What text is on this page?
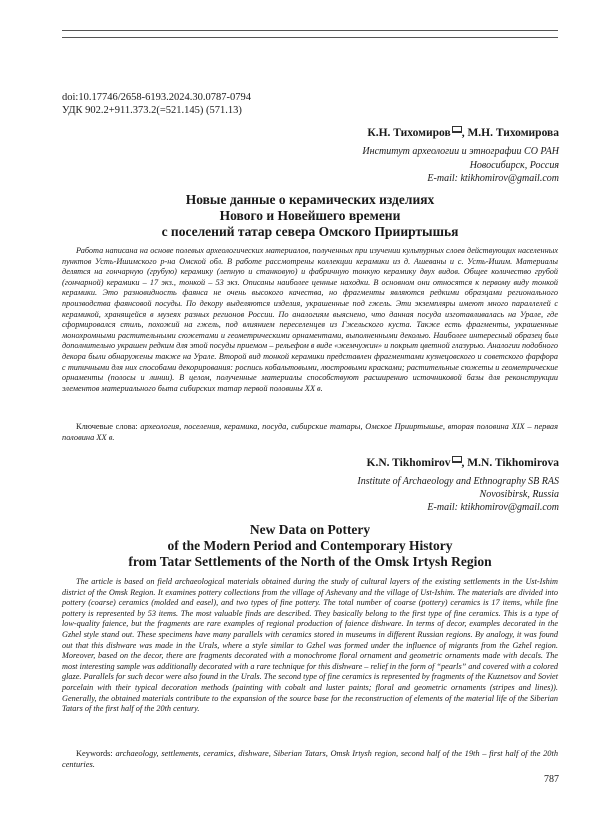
doi:10.17746/2658-6193.2024.30.0787-0794
УДК 902.2+911.373.2(=521.145) (571.13)
К.Н. Тихомиров , М.Н. Тихомирова
Институт археологии и этнографии СО РАН
Новосибирск, Россия
E-mail: ktikhomirov@gmail.com
Новые данные о керамических изделиях
Нового и Новейшего времени
с поселений татар севера Омского Прииртышья

Работа написана на основе полевых археологических материалов, полученных при изучении культурных слоев действующих населенных пунктов Усть-Ишимского р-на Омской обл. В работе рассмотрены коллекции керамики из д. Ашеваны и с. Усть-Ишим. Материалы делятся на гончарную (грубую) керамику (лепную и станковую) и фабричную тонкую керамику двух видов. Общее количество грубой (гончарной) керамики – 17 экз., тонкой – 53 экз. Описаны наиболее ценные находки. В основном они относятся к первому виду тонкой керамики. Это разновидность фаянса не очень высокого качества, но фрагменты являются редкими образцами регионального производства фаянсовой посуды. По декору выделяются изделия, украшенные под гжель. Эти экземпляры имеют много параллелей с керамикой, хранящейся в музеях разных регионов России. По аналогиям выяснено, что данная посуда изготавливалась на Урале, где сформировался стиль, похожий на гжель, под влиянием переселенцев из Гжельского куста. Также есть фрагменты, украшенные монохромными растительными сюжетами и геометрическими орнаментами, выполненными деколью. Наиболее интересный образец был дополнительно украшен редким для этой посуды приемом – рельефом в виде «жемчужин» и покрыт цветной глазурью. Аналогии подобного декора были обнаружены также на Урале. Второй вид тонкой керамики представлен фрагментами кузнецовского и советского фарфора с типичными для них способами декорирования: роспись кобальтовыми, люстровыми красками; растительные сюжеты и геометрические орнаменты (полосы и линии). В целом, полученные материалы способствуют расширению источниковой базы для реконструкции элементов материального быта сибирских татар первой половины XX в.

Ключевые слова: археология, поселения, керамика, посуда, сибирские татары, Омское Прииртышье, вторая половина XIX – первая половина XX в.
K.N. Tikhomirov , M.N. Tikhomirova
Institute of Archaeology and Ethnography SB RAS
Novosibirsk, Russia
E-mail: ktikhomirov@gmail.com
New Data on Pottery
of the Modern Period and Contemporary History
from Tatar Settlements of the North of the Omsk Irtysh Region

The article is based on field archaeological materials obtained during the study of cultural layers of the existing settlements in the Ust-Ishim district of the Omsk Region. It examines pottery collections from the village of Ashevany and the village of Ust-Ishim. The materials are divided into pottery (coarse) ceramics (molded and easel), and two types of fine pottery. The total number of coarse (pottery) ceramics is 17 items, while fine pottery is represented by 53 items. The most valuable finds are described. They basically belong to the first type of fine ceramics. This is a type of low-quality faience, but the fragments are rare examples of regional production of faience dishware. In terms of decor, examples decorated in the Gzhel style stand out. These specimens have many parallels with ceramics stored in museums in different Russian regions. By analogy, it was found out that this dishware was made in the Urals, where a style similar to Gzhel was formed under the influence of migrants from the Gzhel region. Moreover, based on the decor, there are fragments decorated with a monochrome floral ornament and geometric ornaments made with decals. The most interesting sample was additionally decorated with a rare technique for this dishware – relief in the form of “pearls” and covered with a colored glaze. Parallels for such decor were also found in the Urals. The second type of fine ceramics is represented by fragments of the Kuznetsov and Soviet porcelain with their typical decoration methods (painting with cobalt and luster paints; floral and geometric ornaments (stripes and lines)). Generally, the obtained materials contribute to the expansion of the source base for the reconstruction of elements of the material life of the Siberian Tatars of the first half of the 20th century.

Keywords: archaeology, settlements, ceramics, dishware, Siberian Tatars, Omsk Irtysh region, second half of the 19th – first half of the 20th centuries.
787
